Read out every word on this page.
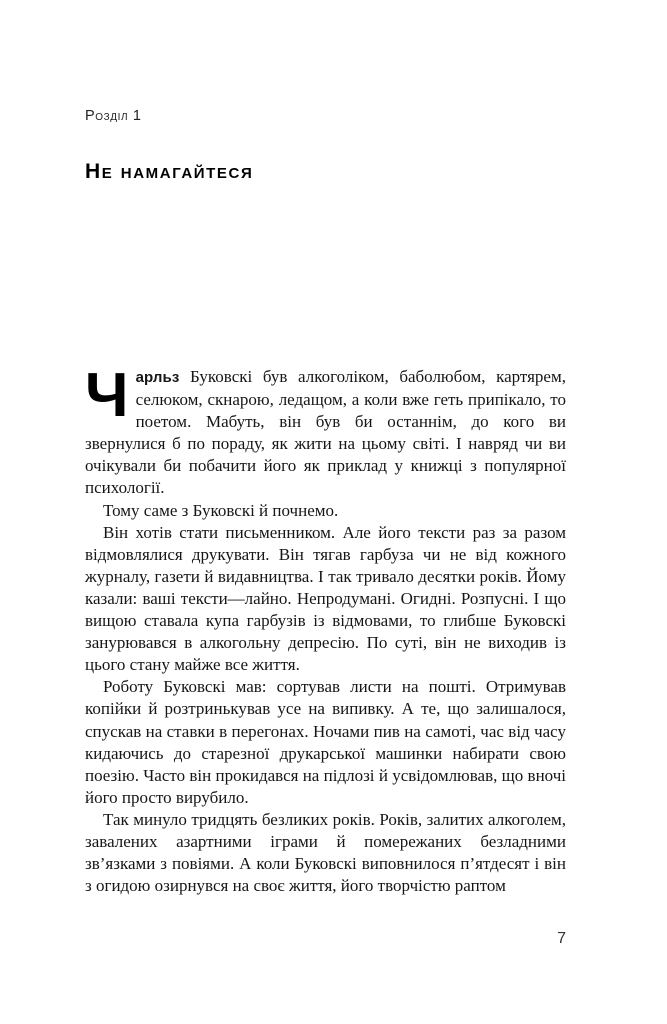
Розділ 1
Не намагайтеся

Чарльз Буковскі був алкоголіком, баболюбом, картярем, селюком, скнарою, ледащом, а коли вже геть припікало, то поетом. Мабуть, він був би останнім, до кого ви звернулися б по пораду, як жити на цьому світі. І навряд чи ви очікували би побачити його як приклад у книжці з популярної психології.

Тому саме з Буковскі й почнемо.

Він хотів стати письменником. Але його тексти раз за разом відмовлялися друкувати. Він тягав гарбуза чи не від кожного журналу, газети й видавництва. І так тривало десятки років. Йому казали: ваші тексти—лайно. Непродумані. Огидні. Розпусні. І що вищою ставала купа гарбузів із відмовами, то глибше Буковскі занурювався в алкогольну депресію. По суті, він не виходив із цього стану майже все життя.

Роботу Буковскі мав: сортував листи на пошті. Отримував копійки й розтринькував усе на випивку. А те, що залишалося, спускав на ставки в перегонах. Ночами пив на самоті, час від часу кидаючись до старезної друкарської машинки набирати свою поезію. Часто він прокидався на підлозі й усвідомлював, що вночі його просто вирубило.

Так минуло тридцять безликих років. Років, залитих алкоголем, завалених азартними іграми й помережаних безладними зв’язками з повіями. А коли Буковскі виповнилося п’ятдесят і він з огидою озирнувся на своє життя, його творчістю раптом

7
